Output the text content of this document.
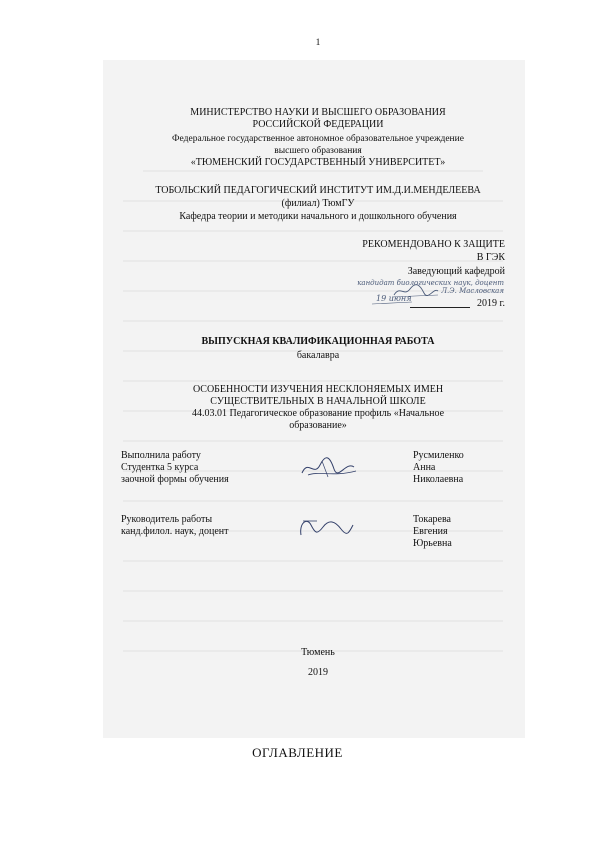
1
МИНИСТЕРСТВО НАУКИ И ВЫСШЕГО ОБРАЗОВАНИЯ
РОССИЙСКОЙ ФЕДЕРАЦИИ
Федеральное государственное автономное образовательное учреждение
высшего образования
«ТЮМЕНСКИЙ ГОСУДАРСТВЕННЫЙ УНИВЕРСИТЕТ»
ТОБОЛЬСКИЙ ПЕДАГОГИЧЕСКИЙ ИНСТИТУТ ИМ.Д.И.МЕНДЕЛЕЕВА
(филиал) ТюмГУ
Кафедра теории и методики начального и дошкольного обучения
РЕКОМЕНДОВАНО К ЗАЩИТЕ
В ГЭК
Заведующий кафедрой
кандидат биологических наук, доцент
Л.Э. Масловская
19 июня	2019 г.
ВЫПУСКНАЯ КВАЛИФИКАЦИОННАЯ РАБОТА
бакалавра
ОСОБЕННОСТИ ИЗУЧЕНИЯ НЕСКЛОНЯЕМЫХ ИМЕН
СУЩЕСТВИТЕЛЬНЫХ В НАЧАЛЬНОЙ ШКОЛЕ
44.03.01 Педагогическое образование профиль «Начальное
образование»
Выполнила работу
Студентка 5 курса
заочной формы обучения
Русмиленко
Анна
Николаевна
Руководитель работы
канд.филол. наук, доцент
Токарева
Евгения
Юрьевна
Тюмень
2019
ОГЛАВЛЕНИЕ
